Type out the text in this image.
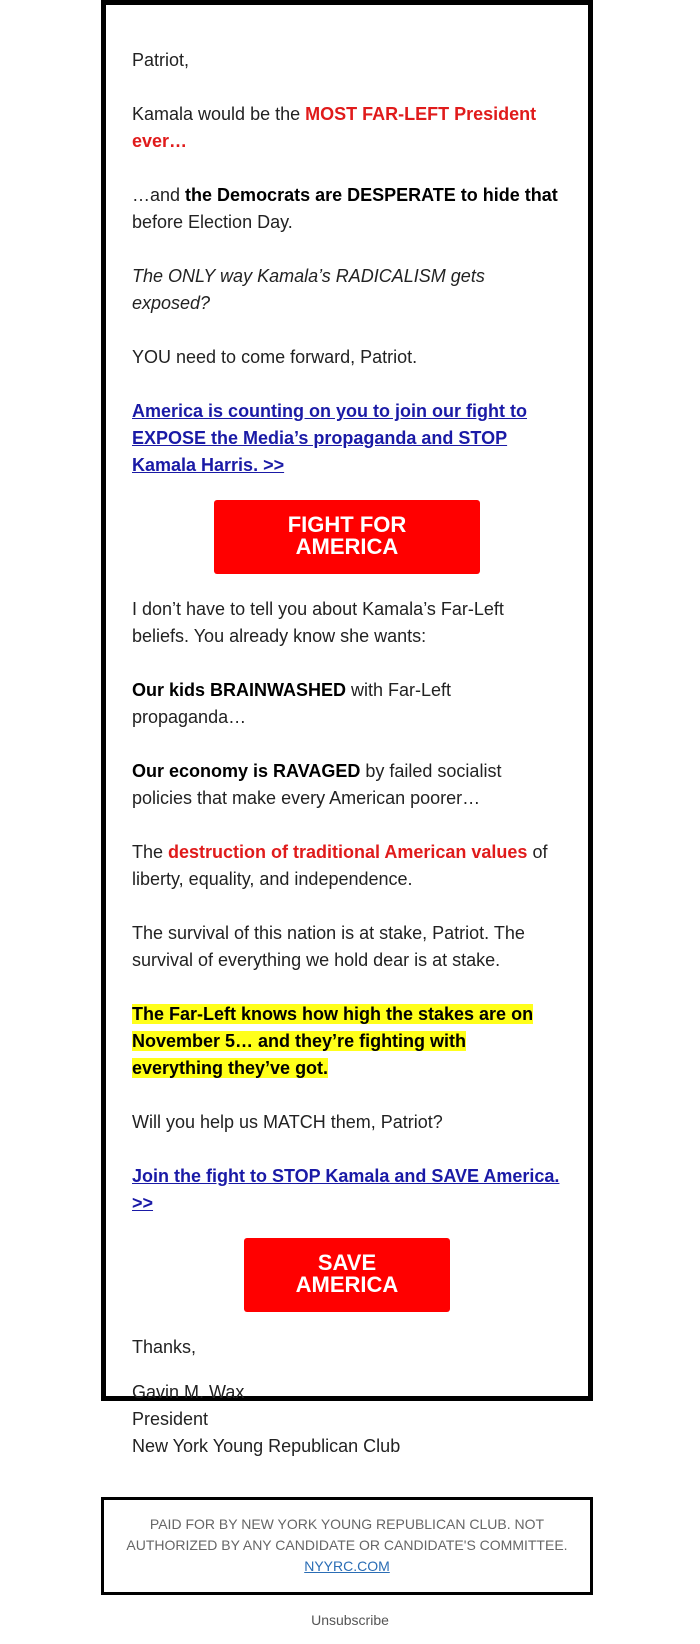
Patriot,

Kamala would be the MOST FAR-LEFT President ever…

…and the Democrats are DESPERATE to hide that before Election Day.

The ONLY way Kamala’s RADICALISM gets exposed?

YOU need to come forward, Patriot.

America is counting on you to join our fight to EXPOSE the Media’s propaganda and STOP Kamala Harris. >>

FIGHT FOR AMERICA

I don’t have to tell you about Kamala’s Far-Left beliefs. You already know she wants:

Our kids BRAINWASHED with Far-Left propaganda…

Our economy is RAVAGED by failed socialist policies that make every American poorer…

The destruction of traditional American values of liberty, equality, and independence.

The survival of this nation is at stake, Patriot. The survival of everything we hold dear is at stake.

The Far-Left knows how high the stakes are on November 5… and they’re fighting with everything they’ve got.

Will you help us MATCH them, Patriot?

Join the fight to STOP Kamala and SAVE America. >>

SAVE AMERICA

Thanks,

Gavin M. Wax

President

New York Young Republican Club

PAID FOR BY NEW YORK YOUNG REPUBLICAN CLUB. NOT AUTHORIZED BY ANY CANDIDATE OR CANDIDATE'S COMMITTEE.
NYYRC.COM
Unsubscribe
